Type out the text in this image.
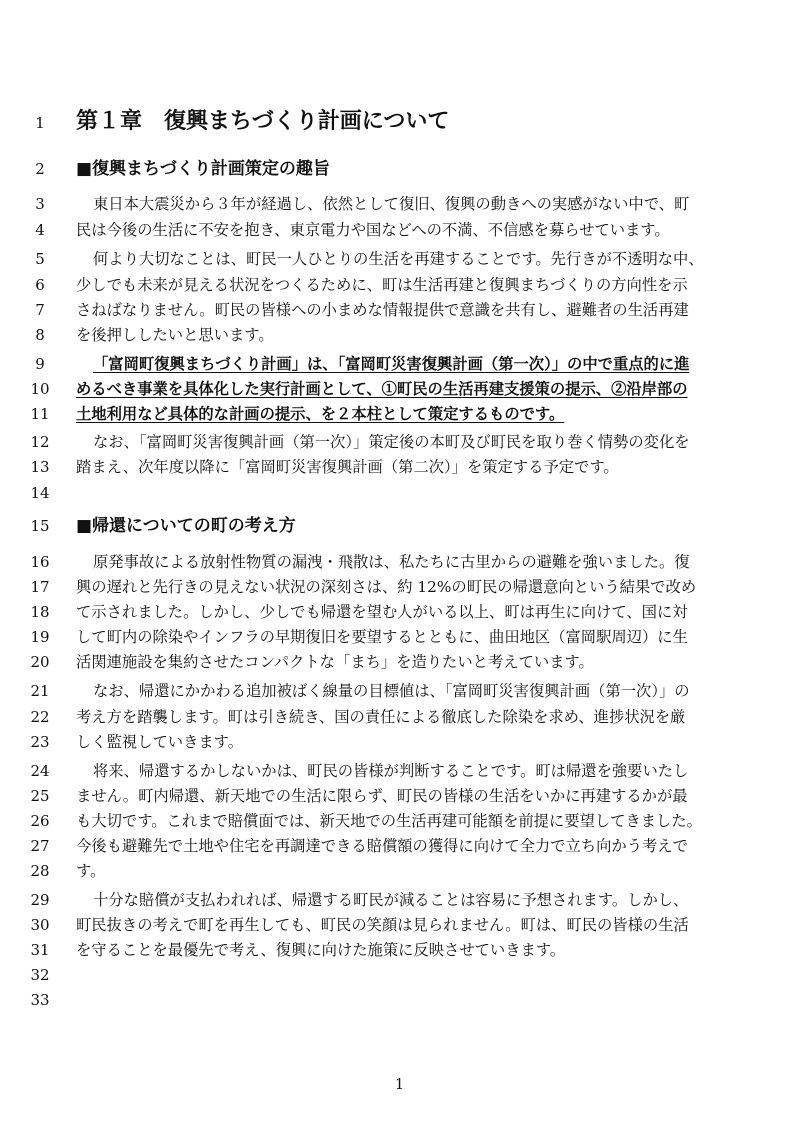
1	第１章　復興まちづくり計画について
2	■復興まちづくり計画策定の趣旨
3	東日本大震災から３年が経過し、依然として復旧、復興の動きへの実感がない中で、町
4	民は今後の生活に不安を抱き、東京電力や国などへの不満、不信感を募らせています。
5	何より大切なことは、町民一人ひとりの生活を再建することです。先行きが不透明な中、
6	少しでも未来が見える状況をつくるために、町は生活再建と復興まちづくりの方向性を示
7	さねばなりません。町民の皆様への小まめな情報提供で意識を共有し、避難者の生活再建
8	を後押ししたいと思います。
9	「富岡町復興まちづくり計画」は、「富岡町災害復興計画（第一次）」の中で重点的に進
10	めるべき事業を具体化した実行計画として、①町民の生活再建支援策の提示、②沿岸部の
11	土地利用など具体的な計画の提示、を２本柱として策定するものです。
12	なお、「富岡町災害復興計画（第一次）」策定後の本町及び町民を取り巻く情勢の変化を
13	踏まえ、次年度以降に「富岡町災害復興計画（第二次）」を策定する予定です。
14
15	■帰還についての町の考え方
16	原発事故による放射性物質の漏洩・飛散は、私たちに古里からの避難を強いました。復
17	興の遅れと先行きの見えない状況の深刻さは、約 12%の町民の帰還意向という結果で改め
18	て示されました。しかし、少しでも帰還を望む人がいる以上、町は再生に向けて、国に対
19	して町内の除染やインフラの早期復旧を要望するとともに、曲田地区（富岡駅周辺）に生
20	活関連施設を集約させたコンパクトな「まち」を造りたいと考えています。
21	なお、帰還にかかわる追加被ばく線量の目標値は、「富岡町災害復興計画（第一次）」の
22	考え方を踏襲します。町は引き続き、国の責任による徹底した除染を求め、進捗状況を厳
23	しく監視していきます。
24	将来、帰還するかしないかは、町民の皆様が判断することです。町は帰還を強要いたし
25	ません。町内帰還、新天地での生活に限らず、町民の皆様の生活をいかに再建するかが最
26	も大切です。これまで賠償面では、新天地での生活再建可能額を前提に要望してきました。
27	今後も避難先で土地や住宅を再調達できる賠償額の獲得に向けて全力で立ち向かう考えで
28	す。
29	十分な賠償が支払われれば、帰還する町民が減ることは容易に予想されます。しかし、
30	町民抜きの考えで町を再生しても、町民の笑顔は見られません。町は、町民の皆様の生活
31	を守ることを最優先で考え、復興に向けた施策に反映させていきます。
32
33
1
